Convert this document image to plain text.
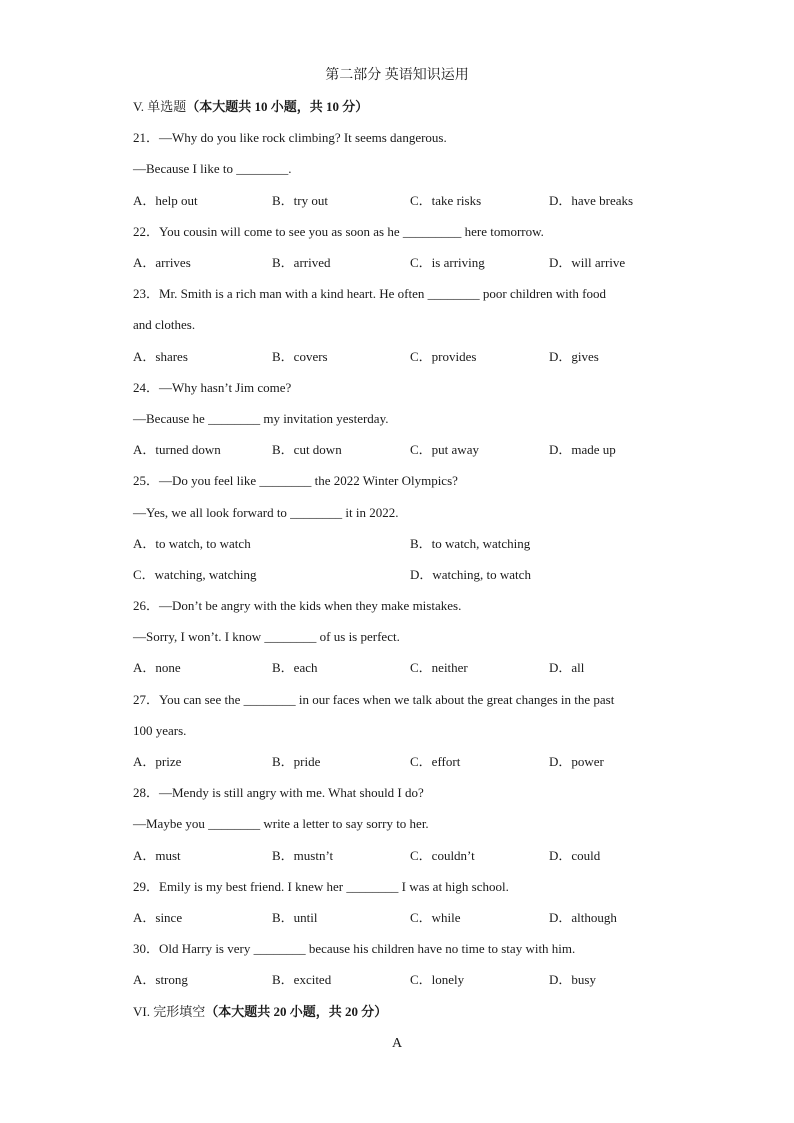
第二部分 英语知识运用
V. 单选题（本大题共 10 小题，共 10 分）
21．—Why do you like rock climbing? It seems dangerous.
—Because I like to ________.
A．help out	B．try out	C．take risks	D．have breaks
22．You cousin will come to see you as soon as he _________ here tomorrow.
A．arrives	B．arrived	C．is arriving	D．will arrive
23．Mr. Smith is a rich man with a kind heart. He often ________ poor children with food
and clothes.
A．shares	B．covers	C．provides	D．gives
24．—Why hasn’t Jim come?
—Because he ________ my invitation yesterday.
A．turned down	B．cut down	C．put away	D．made up
25．—Do you feel like ________ the 2022 Winter Olympics?
—Yes, we all look forward to ________ it in 2022.
A．to watch, to watch	B．to watch, watching
C．watching, watching	D．watching, to watch
26．—Don’t be angry with the kids when they make mistakes.
—Sorry, I won’t. I know ________ of us is perfect.
A．none	B．each	C．neither	D．all
27．You can see the ________ in our faces when we talk about the great changes in the past
100 years.
A．prize	B．pride	C．effort	D．power
28．—Mendy is still angry with me. What should I do?
—Maybe you ________ write a letter to say sorry to her.
A．must	B．mustn’t	C．couldn’t	D．could
29．Emily is my best friend. I knew her ________ I was at high school.
A．since	B．until	C．while	D．although
30．Old Harry is very ________ because his children have no time to stay with him.
A．strong	B．excited	C．lonely	D．busy
VI. 完形填空（本大题共 20 小题，共 20 分）
A
